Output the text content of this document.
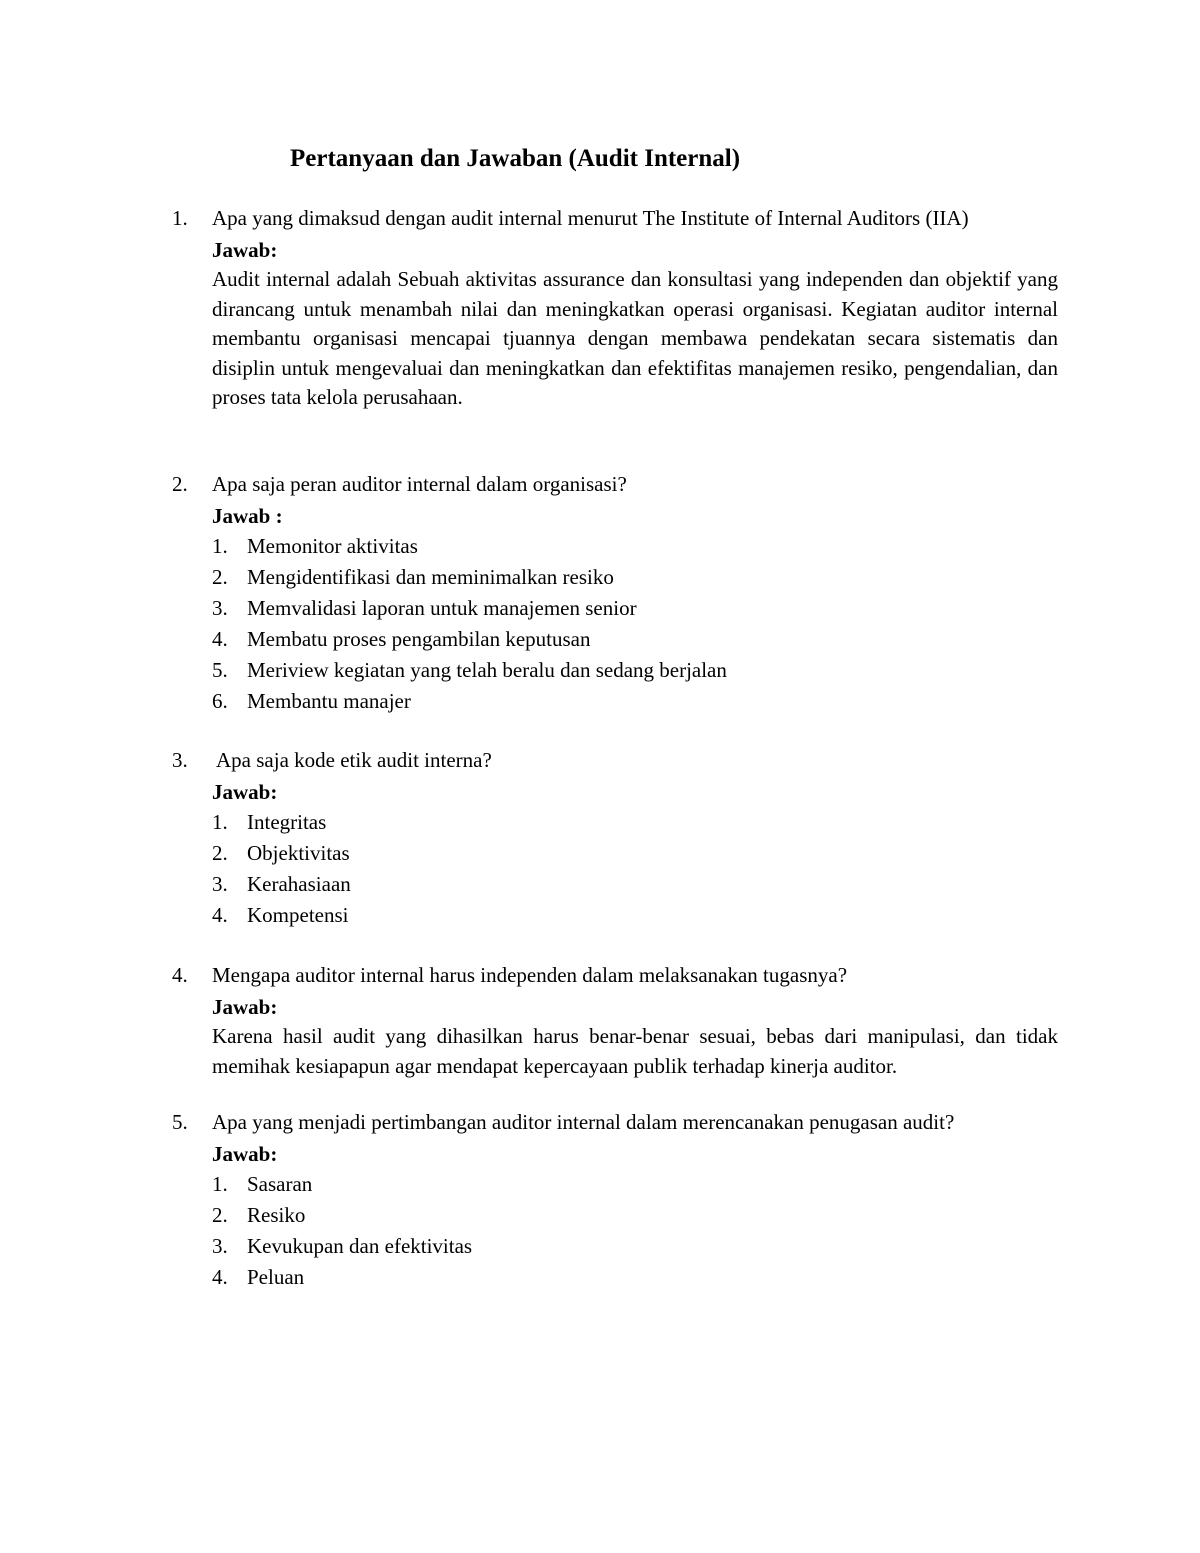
Pertanyaan dan Jawaban (Audit Internal)
1.	Apa yang dimaksud dengan audit internal menurut The Institute of Internal Auditors (IIA)
Jawab:
Audit internal adalah Sebuah aktivitas assurance dan konsultasi yang independen dan objektif yang dirancang untuk menambah nilai dan meningkatkan operasi organisasi. Kegiatan auditor internal membantu organisasi mencapai tjuannya dengan membawa pendekatan secara sistematis dan disiplin untuk mengevaluai dan meningkatkan dan efektifitas manajemen resiko, pengendalian, dan proses tata kelola perusahaan.
2.	Apa saja peran auditor internal dalam organisasi?
Jawab :
1. Memonitor aktivitas
2. Mengidentifikasi dan meminimalkan resiko
3. Memvalidasi laporan untuk manajemen senior
4. Membatu proses pengambilan keputusan
5. Meriview kegiatan yang telah beralu dan sedang berjalan
6. Membantu manajer
3.	Apa saja kode etik audit interna?
Jawab:
1. Integritas
2. Objektivitas
3. Kerahasiaan
4. Kompetensi
4.	Mengapa auditor internal harus independen dalam melaksanakan tugasnya?
Jawab:
Karena hasil audit yang dihasilkan harus benar-benar sesuai, bebas dari manipulasi, dan tidak memihak kesiapapun agar mendapat kepercayaan publik terhadap kinerja auditor.
5.	Apa yang menjadi pertimbangan auditor internal dalam merencanakan penugasan audit?
Jawab:
1. Sasaran
2. Resiko
3. Kevukupan dan efektivitas
4. Peluan
